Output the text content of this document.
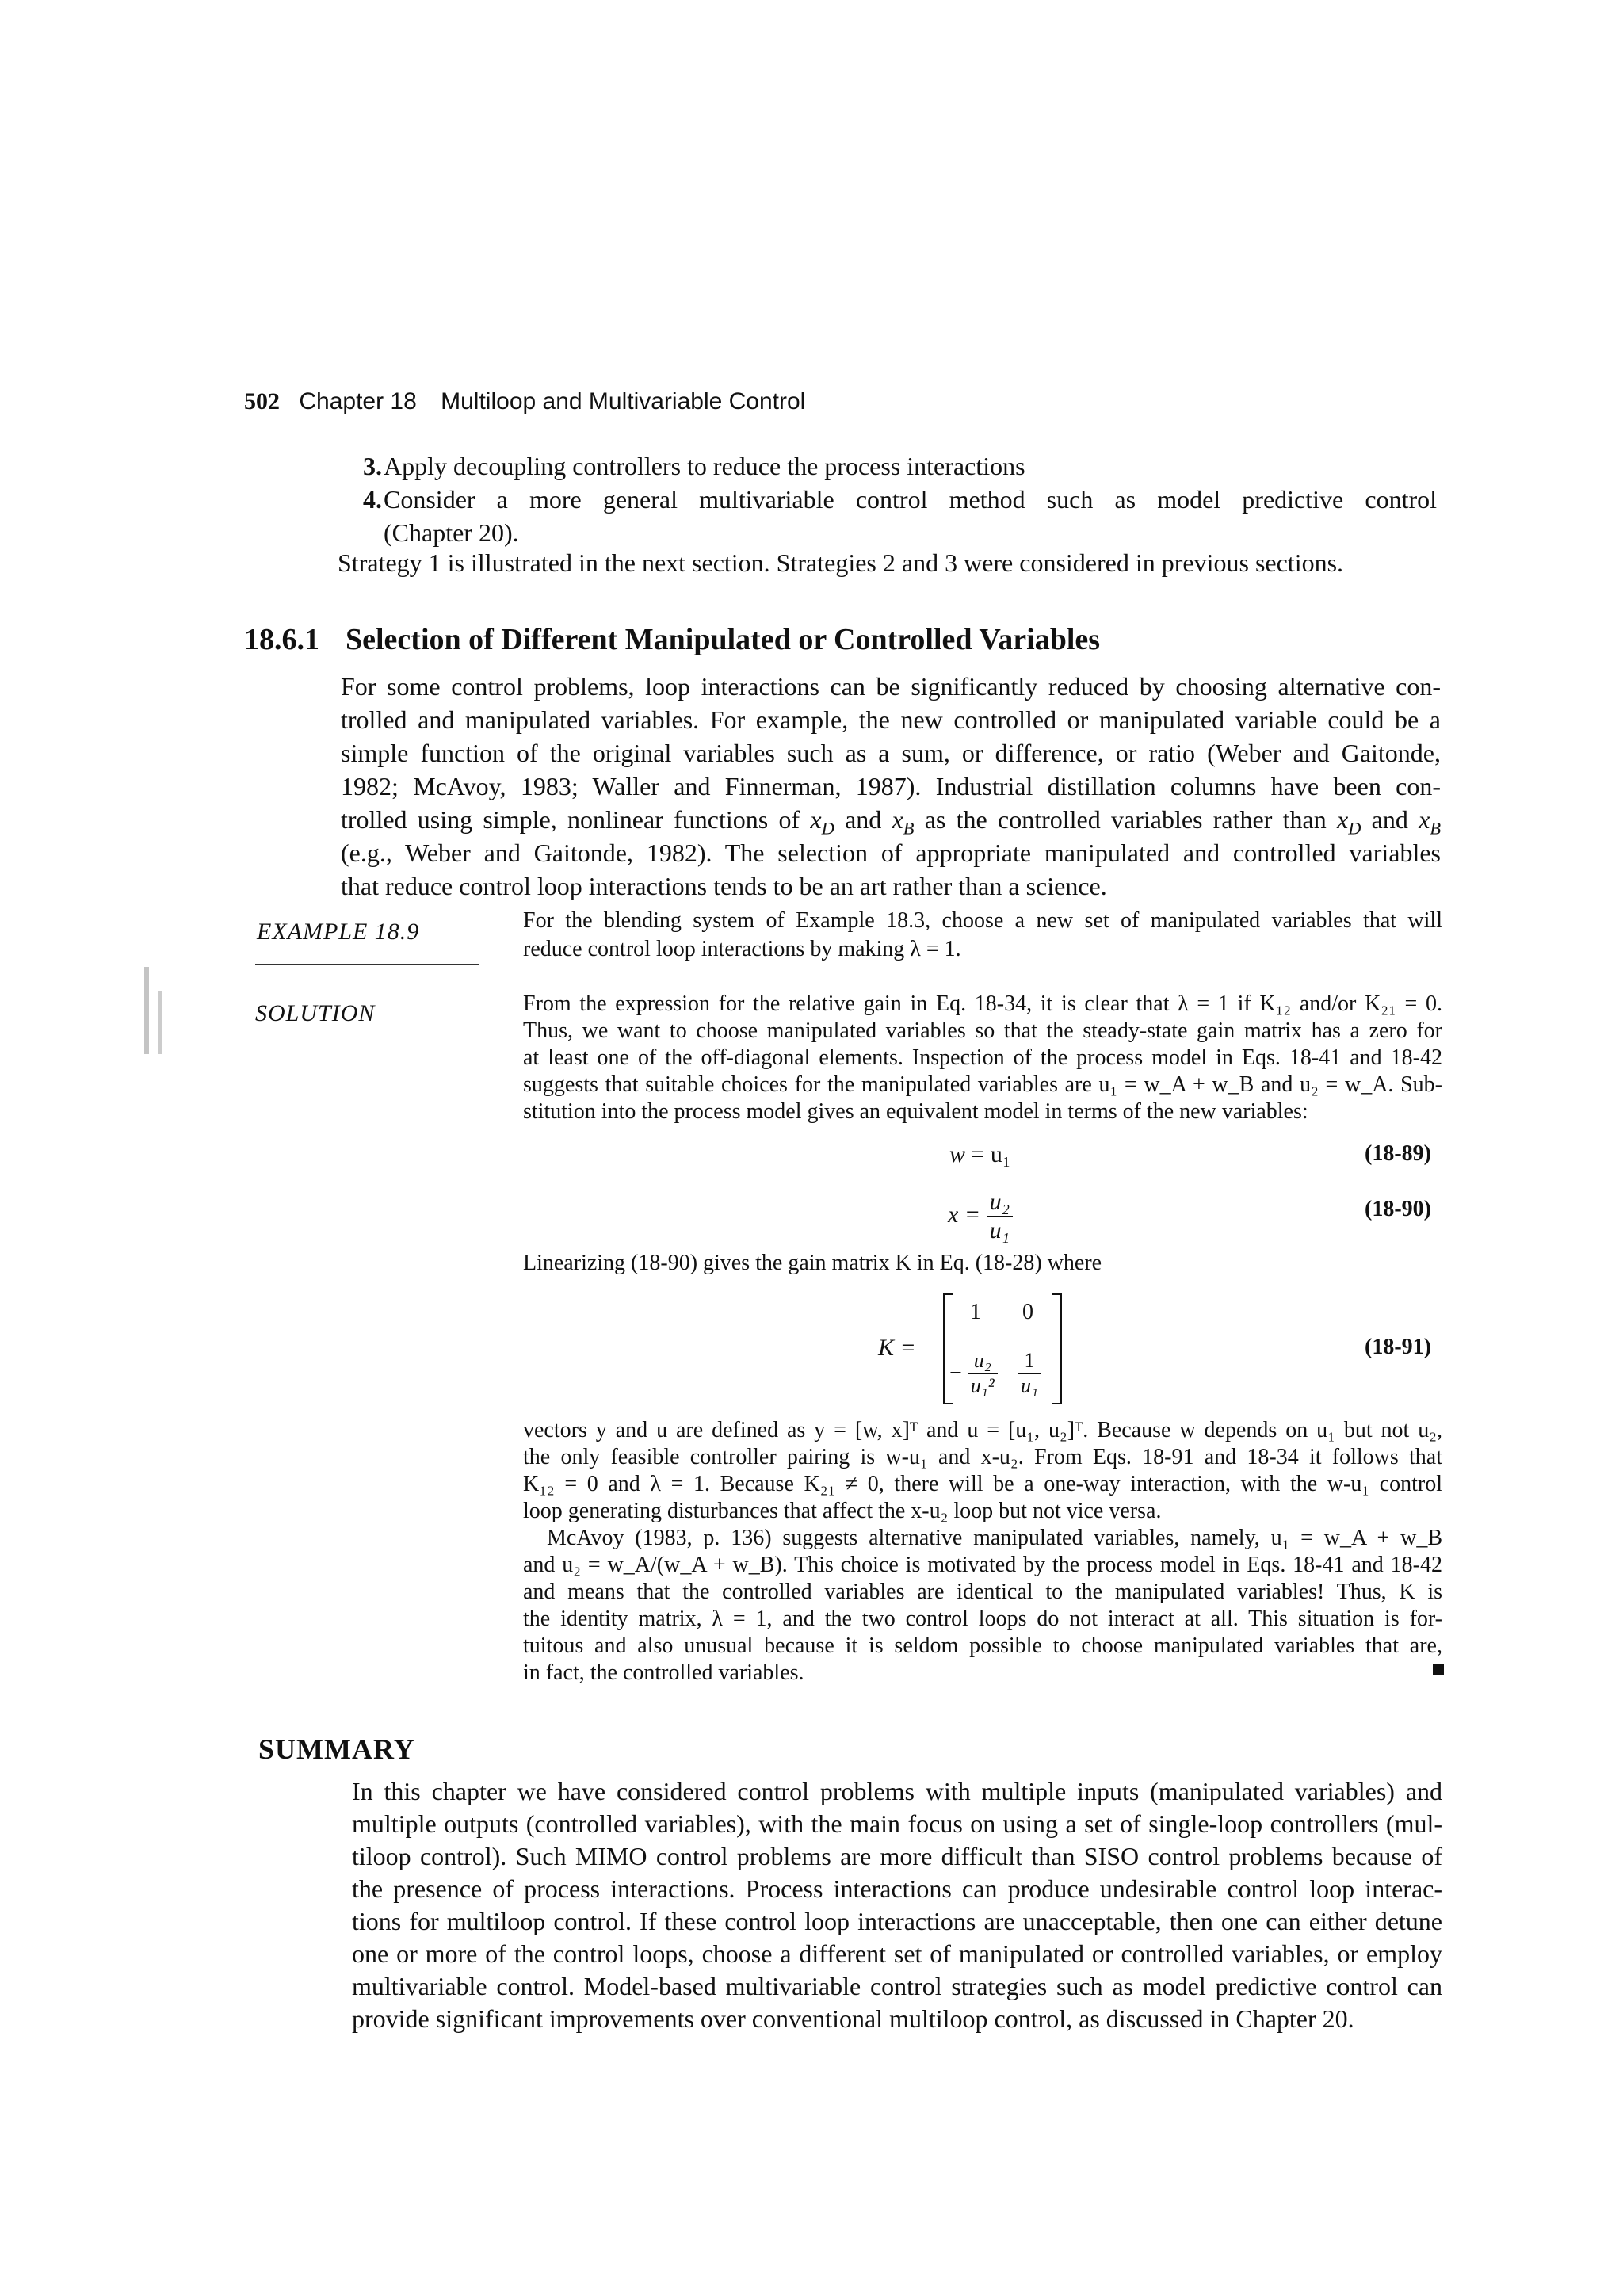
502 Chapter 18 Multiloop and Multivariable Control
3.Apply decoupling controllers to reduce the process interactions
4.Consider a more general multivariable control method such as model predictive control
(Chapter 20).
Strategy 1 is illustrated in the next section. Strategies 2 and 3 were considered in previous sections.
18.6.1 Selection of Different Manipulated or Controlled Variables
For some control problems, loop interactions can be significantly reduced by choosing alternative con-
trolled and manipulated variables. For example, the new controlled or manipulated variable could be a
simple function of the original variables such as a sum, or difference, or ratio (Weber and Gaitonde,
1982; McAvoy, 1983; Waller and Finnerman, 1987). Industrial distillation columns have been con-
trolled using simple, nonlinear functions of $x_D$ and $x_B$ as the controlled variables rather than $x_D$ and $x_B$
(e.g., Weber and Gaitonde, 1982). The selection of appropriate manipulated and controlled variables
that reduce control loop interactions tends to be an art rather than a science.
EXAMPLE 18.9	For the blending system of Example 18.3, choose a new set of manipulated variables that will
reduce control loop interactions by making λ = 1.
SOLUTION	From the expression for the relative gain in Eq. 18-34, it is clear that λ = 1 if K₁₂ and/or K₂₁ = 0.
Thus, we want to choose manipulated variables so that the steady-state gain matrix has a zero for
at least one of the off-diagonal elements. Inspection of the process model in Eqs. 18-41 and 18-42
suggests that suitable choices for the manipulated variables are u₁ = w_A + w_B and u₂ = w_A. Sub-
stitution into the process model gives an equivalent model in terms of the new variables:
w = u₁	(18-89)
$x = \frac{\text{u₂}}{\text{u₁}}$	(18-90)
Linearizing (18-90) gives the gain matrix K in Eq. (18-28) where
K =
1 0
− $\frac{\text{u₂}}{\text{u₁²}} \frac{1}{\text{u₁}}$
(18-91)
vectors y and u are defined as y = [w, x]ᵀ and u = [u₁, u₂]ᵀ. Because w depends on u₁ but not u₂,
the only feasible controller pairing is w-u₁ and x-u₂. From Eqs. 18-91 and 18-34 it follows that
K₁₂ = 0 and λ = 1. Because K₂₁ ≠ 0, there will be a one-way interaction, with the w-u₁ control
loop generating disturbances that affect the x-u₂ loop but not vice versa.
McAvoy (1983, p. 136) suggests alternative manipulated variables, namely, u₁ = w_A + w_B
and u₂ = w_A/(w_A + w_B). This choice is motivated by the process model in Eqs. 18-41 and 18-42
and means that the controlled variables are identical to the manipulated variables! Thus, K is
the identity matrix, λ = 1, and the two control loops do not interact at all. This situation is for-
tuitous and also unusual because it is seldom possible to choose manipulated variables that are,
in fact, the controlled variables.
SUMMARY
In this chapter we have considered control problems with multiple inputs (manipulated variables) and
multiple outputs (controlled variables), with the main focus on using a set of single-loop controllers (mul-
tiloop control). Such MIMO control problems are more difficult than SISO control problems because of
the presence of process interactions. Process interactions can produce undesirable control loop interac-
tions for multiloop control. If these control loop interactions are unacceptable, then one can either detune
one or more of the control loops, choose a different set of manipulated or controlled variables, or employ
multivariable control. Model-based multivariable control strategies such as model predictive control can
provide significant improvements over conventional multiloop control, as discussed in Chapter 20.
